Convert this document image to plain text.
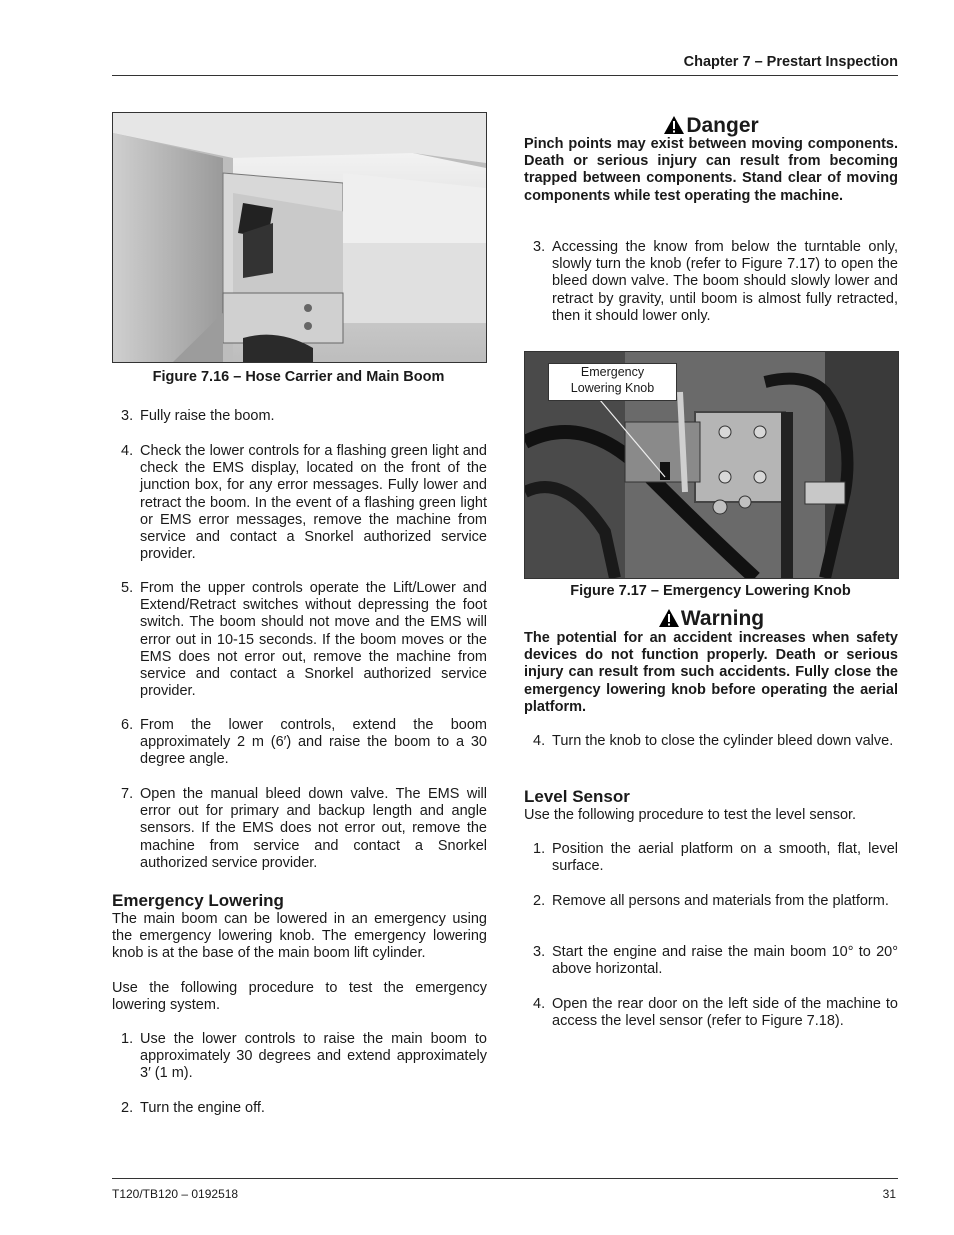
Chapter 7 – Prestart Inspection
Figure 7.16 – Hose Carrier and Main Boom
3. Fully raise the boom.
4. Check the lower controls for a flashing green light and check the EMS display, located on the front of the junction box, for any error messages. Fully lower and retract the boom. In the event of a flashing green light or EMS error messages, remove the machine from service and contact a Snorkel authorized service provider.
5. From the upper controls operate the Lift/Lower and Extend/Retract switches without depressing the foot switch. The boom should not move and the EMS will error out in 10-15 seconds. If the boom moves or the EMS does not error out, remove the machine from service and contact a Snorkel authorized service provider.
6. From the lower controls, extend the boom approximately 2 m (6′) and raise the boom to a 30 degree angle.
7. Open the manual bleed down valve. The EMS will error out for primary and backup length and angle sensors. If the EMS does not error out, remove the machine from service and contact a Snorkel authorized service provider.
Emergency Lowering

The main boom can be lowered in an emergency using the emergency lowering knob. The emergency lowering knob is at the base of the main boom lift cylinder.

Use the following procedure to test the emergency lowering system.

1. Use the lower controls to raise the main boom to approximately 30 degrees and extend approximately 3′ (1 m).
2. Turn the engine off.
Danger
Pinch points may exist between moving components. Death or serious injury can result from becoming trapped between components. Stand clear of moving components while test operating the machine.
3. Accessing the know from below the turntable only, slowly turn the knob (refer to Figure 7.17) to open the bleed down valve. The boom should slowly lower and retract by gravity, until boom is almost fully retracted, then it should lower only.
Emergency
Lowering Knob
Figure 7.17 – Emergency Lowering Knob
Warning
The potential for an accident increases when safety devices do not function properly. Death or serious injury can result from such accidents. Fully close the emergency lowering knob before operating the aerial platform.
4. Turn the knob to close the cylinder bleed down valve.
Level Sensor

Use the following procedure to test the level sensor.

1. Position the aerial platform on a smooth, flat, level surface.
2. Remove all persons and materials from the platform.
3. Start the engine and raise the main boom 10° to 20° above horizontal.
4. Open the rear door on the left side of the machine to access the level sensor (refer to Figure 7.18).
T120/TB120 – 0192518	31
